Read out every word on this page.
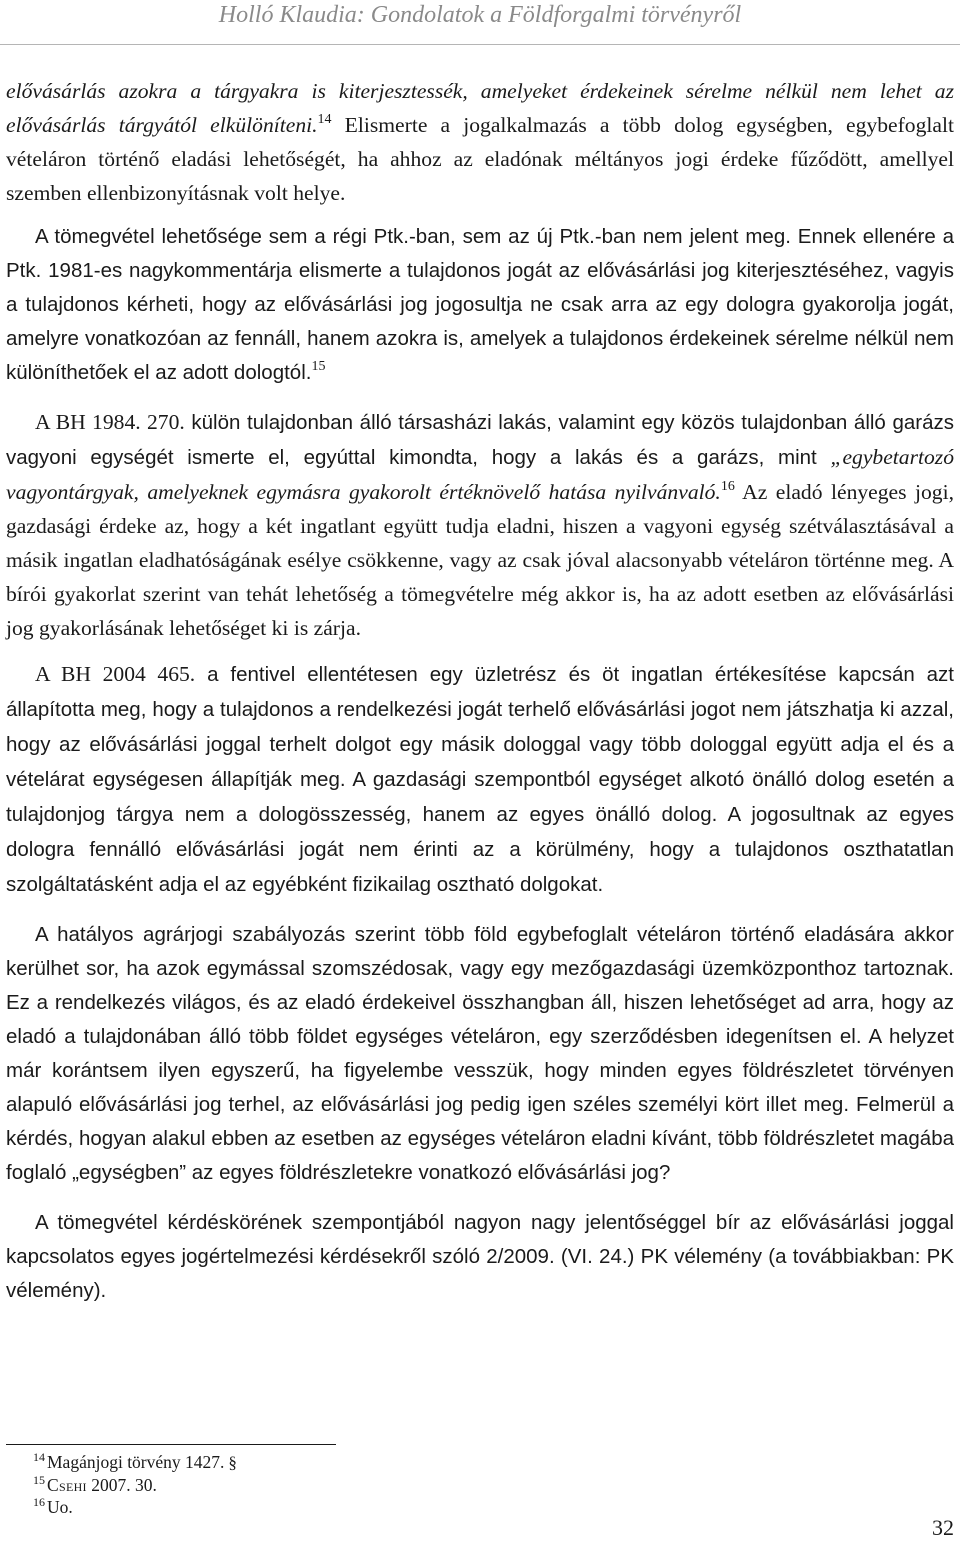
Holló Klaudia: Gondolatok a Földforgalmi törvényről

elővásárlás azokra a tárgyakra is kiterjesztessék, amelyeket érdekeinek sérelme nélkül nem lehet az elővásárlás tárgyától elkülöníteni.$^{14}$ Elismerte a jogalkalmazás a több dolog egységben, egybefoglalt vételáron történő eladási lehetőségét, ha ahhoz az eladónak méltányos jogi érdeke fűződött, amellyel szemben ellenbizonyításnak volt helye.

A tömegvétel lehetősége sem a régi Ptk.-ban, sem az új Ptk.-ban nem jelent meg. Ennek ellenére a Ptk. 1981-es nagykommentárja elismerte a tulajdonos jogát az elővásárlási jog kiterjesztéséhez, vagyis a tulajdonos kérheti, hogy az elővásárlási jog jogosultja ne csak arra az egy dologra gyakorolja jogát, amelyre vonatkozóan az fennáll, hanem azokra is, amelyek a tulajdonos érdekeinek sérelme nélkül nem különíthetőek el az adott dologtól.$^{15}$

A BH 1984. 270. külön tulajdonban álló társasházi lakás, valamint egy közös tulajdonban álló garázs vagyoni egységét ismerte el, egyúttal kimondta, hogy a lakás és a garázs, mint „egybetartozó vagyontárgyak, amelyeknek egymásra gyakorolt értéknövelő hatása nyilvánvaló.$^{16}$ Az eladó lényeges jogi, gazdasági érdeke az, hogy a két ingatlant együtt tudja eladni, hiszen a vagyoni egység szétválasztásával a másik ingatlan eladhatóságának esélye csökkenne, vagy az csak jóval alacsonyabb vételáron történne meg. A bírói gyakorlat szerint van tehát lehetőség a tömegvételre még akkor is, ha az adott esetben az elővásárlási jog gyakorlásának lehetőséget ki is zárja.

A BH 2004 465. a fentivel ellentétesen egy üzletrész és öt ingatlan értékesítése kapcsán azt állapította meg, hogy a tulajdonos a rendelkezési jogát terhelő elővásárlási jogot nem játszhatja ki azzal, hogy az elővásárlási joggal terhelt dolgot egy másik dologgal vagy több dologgal együtt adja el és a vételárat egységesen állapítják meg. A gazdasági szempontból egységet alkotó önálló dolog esetén a tulajdonjog tárgya nem a dologösszesség, hanem az egyes önálló dolog. A jogosultnak az egyes dologra fennálló elővásárlási jogát nem érinti az a körülmény, hogy a tulajdonos oszthatatlan szolgáltatásként adja el az egyébként fizikailag osztható dolgokat.

A hatályos agrárjogi szabályozás szerint több föld egybefoglalt vételáron történő eladására akkor kerülhet sor, ha azok egymással szomszédosak, vagy egy mezőgazdasági üzemközponthoz tartoznak. Ez a rendelkezés világos, és az eladó érdekeivel összhangban áll, hiszen lehetőséget ad arra, hogy az eladó a tulajdonában álló több földet egységes vételáron, egy szerződésben idegenítsen el. A helyzet már korántsem ilyen egyszerű, ha figyelembe vesszük, hogy minden egyes földrészletet törvényen alapuló elővásárlási jog terhel, az elővásárlási jog pedig igen széles személyi kört illet meg. Felmerül a kérdés, hogyan alakul ebben az esetben az egységes vételáron eladni kívánt, több földrészletet magába foglaló „egységben” az egyes földrészletekre vonatkozó elővásárlási jog?

A tömegvétel kérdéskörének szempontjából nagyon nagy jelentőséggel bír az elővásárlási joggal kapcsolatos egyes jogértelmezési kérdésekről szóló 2/2009. (VI. 24.) PK vélemény (a továbbiakban: PK vélemény).

$^{14}$ Magánjogi törvény 1427. §
$^{15}$ Csehi 2007. 30.
$^{16}$ Uo.
32
